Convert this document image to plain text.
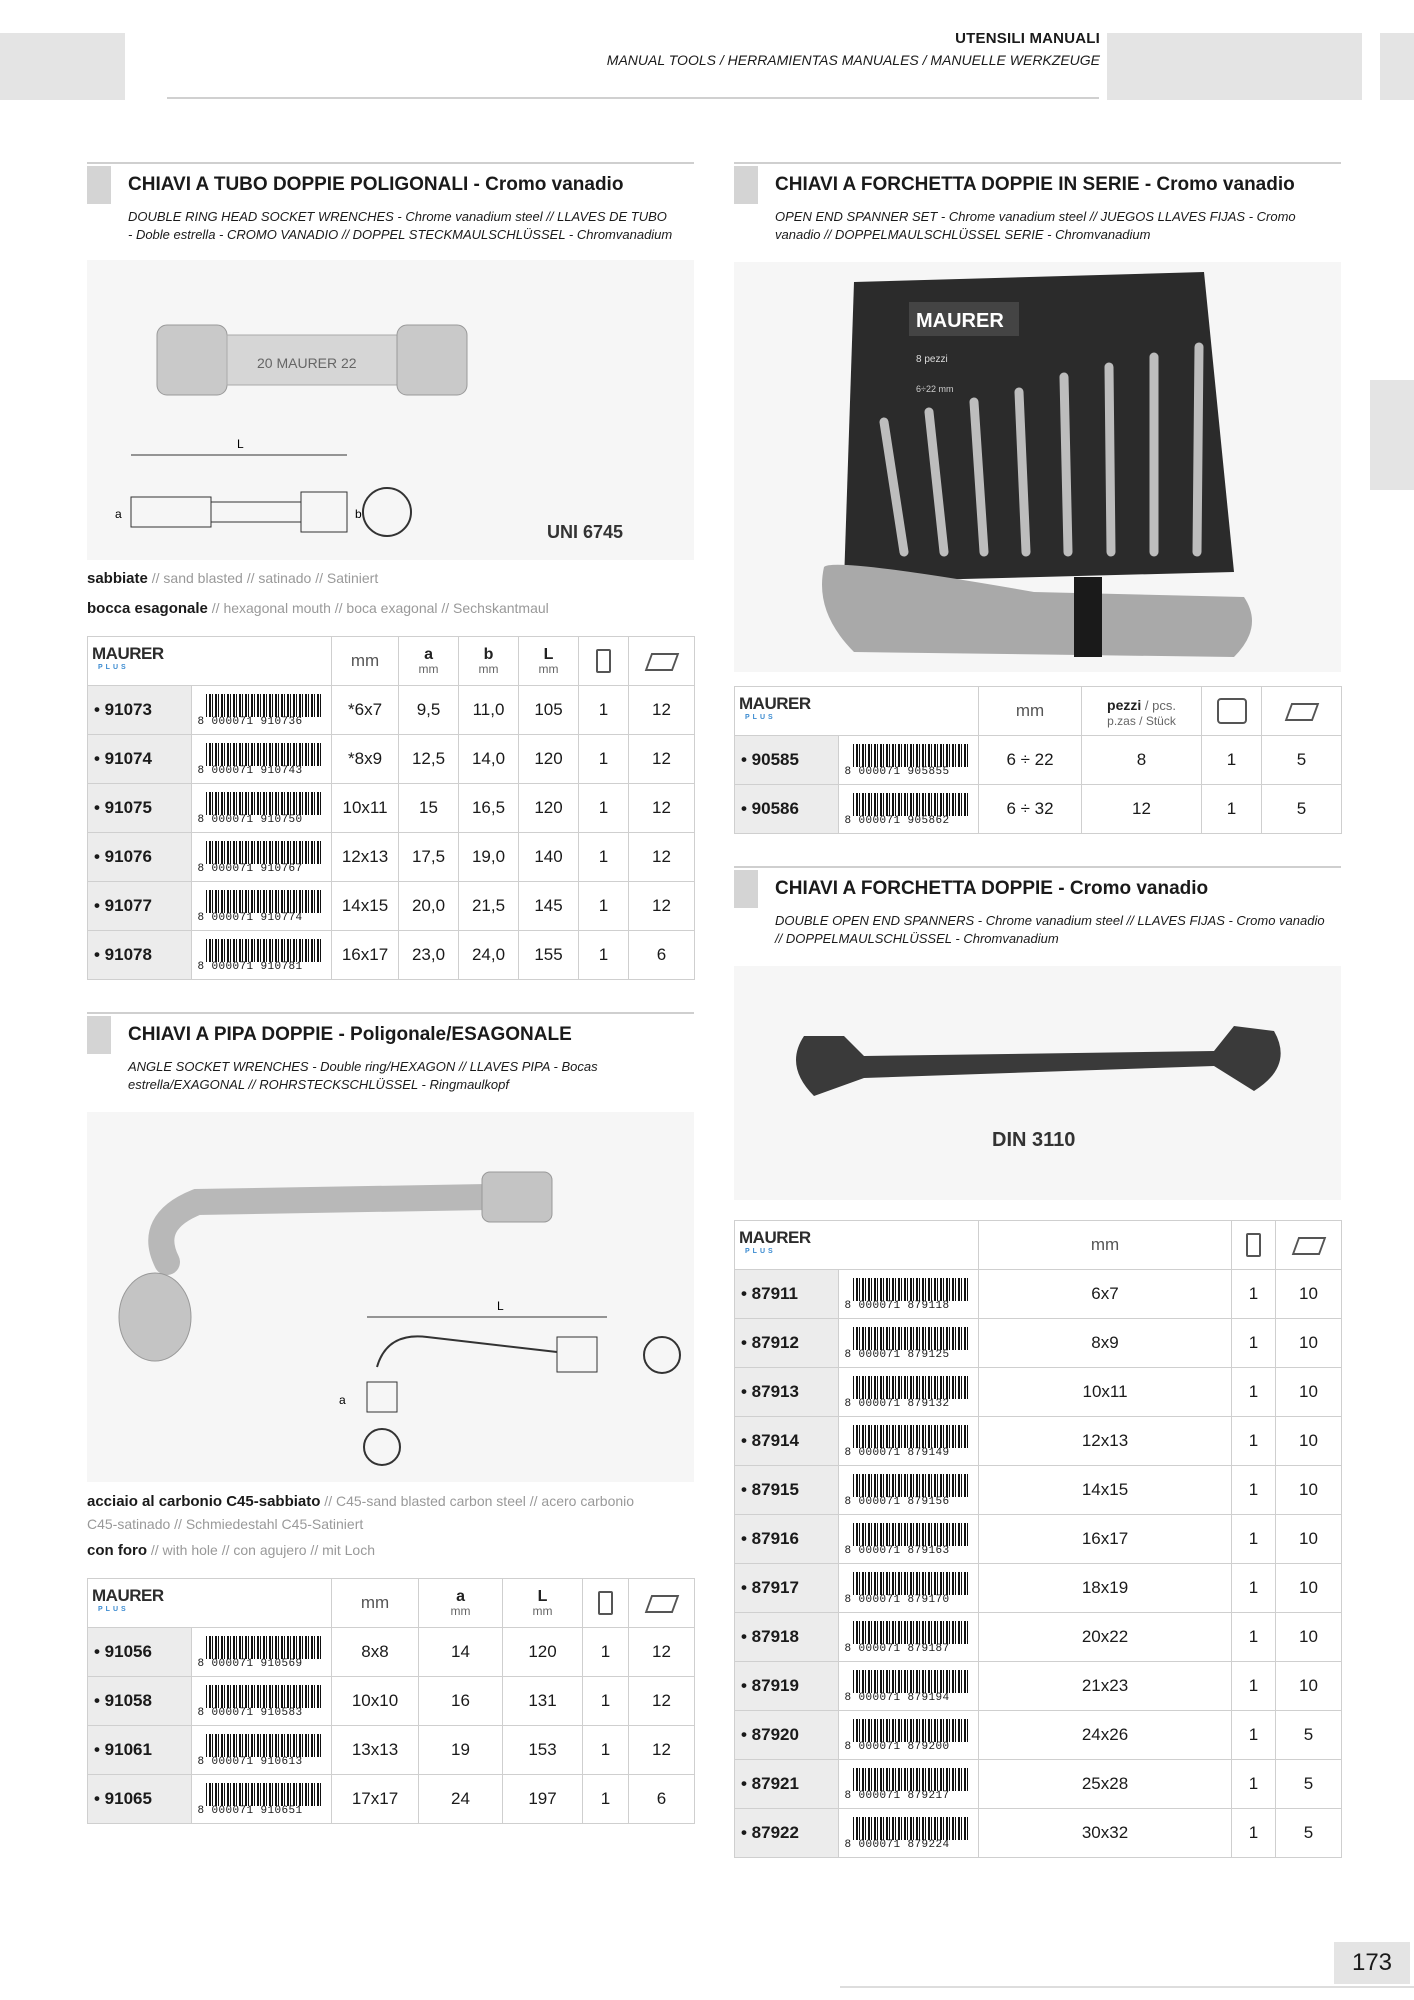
UTENSILI MANUALI
MANUAL TOOLS / HERRAMIENTAS MANUALES / MANUELLE WERKZEUGE
CHIAVI A TUBO DOPPIE POLIGONALI - Cromo vanadio
DOUBLE RING HEAD SOCKET WRENCHES - Chrome vanadium steel // LLAVES DE TUBO - Doble estrella - CROMO VANADIO // DOPPEL STECKMAULSCHLÜSSEL - Chromvanadium
20 MAURER 22
L
a	b
UNI 6745
sabbiate // sand blasted // satinado // Satiniert
bocca esagonale // hexagonal mouth // boca exagonal // Sechskantmaul
MAURER
PLUS		mm	a
mm	b
mm	L
mm		

• 91073	8 000071 910736	*6x7	9,5	11,0	105	1	12
• 91074	8 000071 910743	*8x9	12,5	14,0	120	1	12
• 91075	8 000071 910750	10x11	15	16,5	120	1	12
• 91076	8 000071 910767	12x13	17,5	19,0	140	1	12
• 91077	8 000071 910774	14x15	20,0	21,5	145	1	12
• 91078	8 000071 910781	16x17	23,0	24,0	155	1	6
CHIAVI A PIPA DOPPIE - Poligonale/ESAGONALE
ANGLE SOCKET WRENCHES - Double ring/HEXAGON // LLAVES PIPA - Bocas estrella/EXAGONAL // ROHRSTECKSCHLÜSSEL - Ringmaulkopf
L
a
acciaio al carbonio C45-sabbiato // C45-sand blasted carbon steel // acero carbonio C45-satinado // Schmiedestahl C45-Satiniert
con foro // with hole // con agujero // mit Loch
MAURER
PLUS		mm	a
mm	L
mm		

• 91056	8 000071 910569	8x8	14	120	1	12
• 91058	8 000071 910583	10x10	16	131	1	12
• 91061	8 000071 910613	13x13	19	153	1	12
• 91065	8 000071 910651	17x17	24	197	1	6
CHIAVI A FORCHETTA DOPPIE IN SERIE - Cromo vanadio
OPEN END SPANNER SET - Chrome vanadium steel // JUEGOS LLAVES FIJAS - Cromo vanadio // DOPPELMAULSCHLÜSSEL SERIE - Chromvanadium
MAURER
8 pezzi
6÷22 mm
MAURER
PLUS		mm	pezzi / pcs.
p.zas / Stück		

• 90585	8 000071 905855	6 ÷ 22	8	1	5
• 90586	8 000071 905862	6 ÷ 32	12	1	5
CHIAVI A FORCHETTA DOPPIE - Cromo vanadio
DOUBLE OPEN END SPANNERS - Chrome vanadium steel // LLAVES FIJAS - Cromo vanadio // DOPPELMAULSCHLÜSSEL - Chromvanadium
DIN 3110
MAURER
PLUS		mm		
• 87911	8 000071 879118	6x7	1	10
• 87912	8 000071 879125	8x9	1	10
• 87913	8 000071 879132	10x11	1	10
• 87914	8 000071 879149	12x13	1	10
• 87915	8 000071 879156	14x15	1	10
• 87916	8 000071 879163	16x17	1	10
• 87917	8 000071 879170	18x19	1	10
• 87918	8 000071 879187	20x22	1	10
• 87919	8 000071 879194	21x23	1	10
• 87920	8 000071 879200	24x26	1	5
• 87921	8 000071 879217	25x28	1	5
• 87922	8 000071 879224	30x32	1	5
173
